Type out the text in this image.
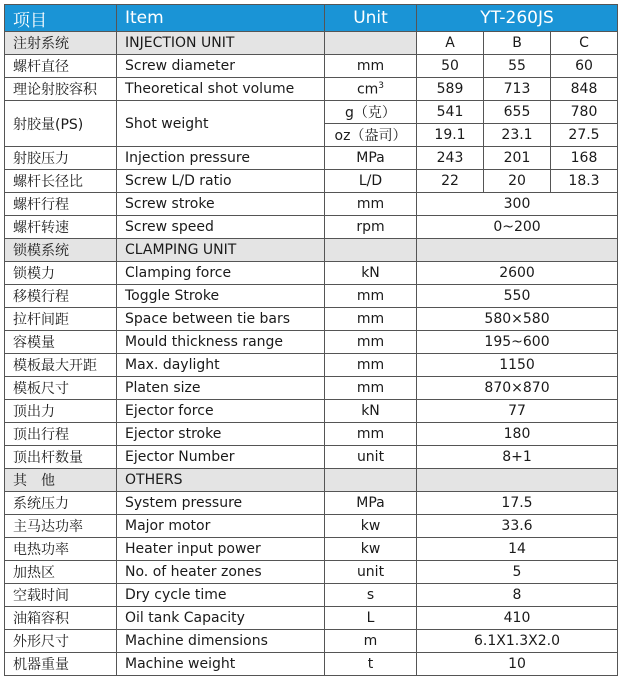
项目	Item	Unit	YT-260JS		
注射系统	INJECTION UNIT		A	B	C
螺杆直径	Screw diameter	mm	50	55	60
理论射胶容积	Theoretical shot volume	$cm^3$	589	713	848
射胶量(PS)	Shot weight	g（克）	541	655	780
		oz（盎司）	19.1	23.1	27.5
射胶压力	Injection pressure	MPa	243	201	168
螺杆长径比	Screw L/D ratio	L/D	22	20	18.3
螺杆行程	Screw stroke	mm	300		
螺杆转速	Screw speed	rpm	0~200		
锁模系统	CLAMPING UNIT				
锁模力	Clamping force	kN	2600		
移模行程	Toggle Stroke	mm	550		
拉杆间距	Space between tie bars	mm	580×580		
容模量	Mould thickness range	mm	195~600		
模板最大开距	Max. daylight	mm	1150		
模板尺寸	Platen size	mm	870×870		
顶出力	Ejector force	kN	77		
顶出行程	Ejector stroke	mm	180		
顶出杆数量	Ejector Number	unit	8+1		
其　他	OTHERS				
系统压力	System pressure	MPa	17.5		
主马达功率	Major motor	kw	33.6		
电热功率	Heater input power	kw	14		
加热区	No. of heater zones	unit	5		
空载时间	Dry cycle time	s	8		
油箱容积	Oil tank Capacity	L	410		
外形尺寸	Machine dimensions	m	6.1X1.3X2.0		
机器重量	Machine weight	t	10		
